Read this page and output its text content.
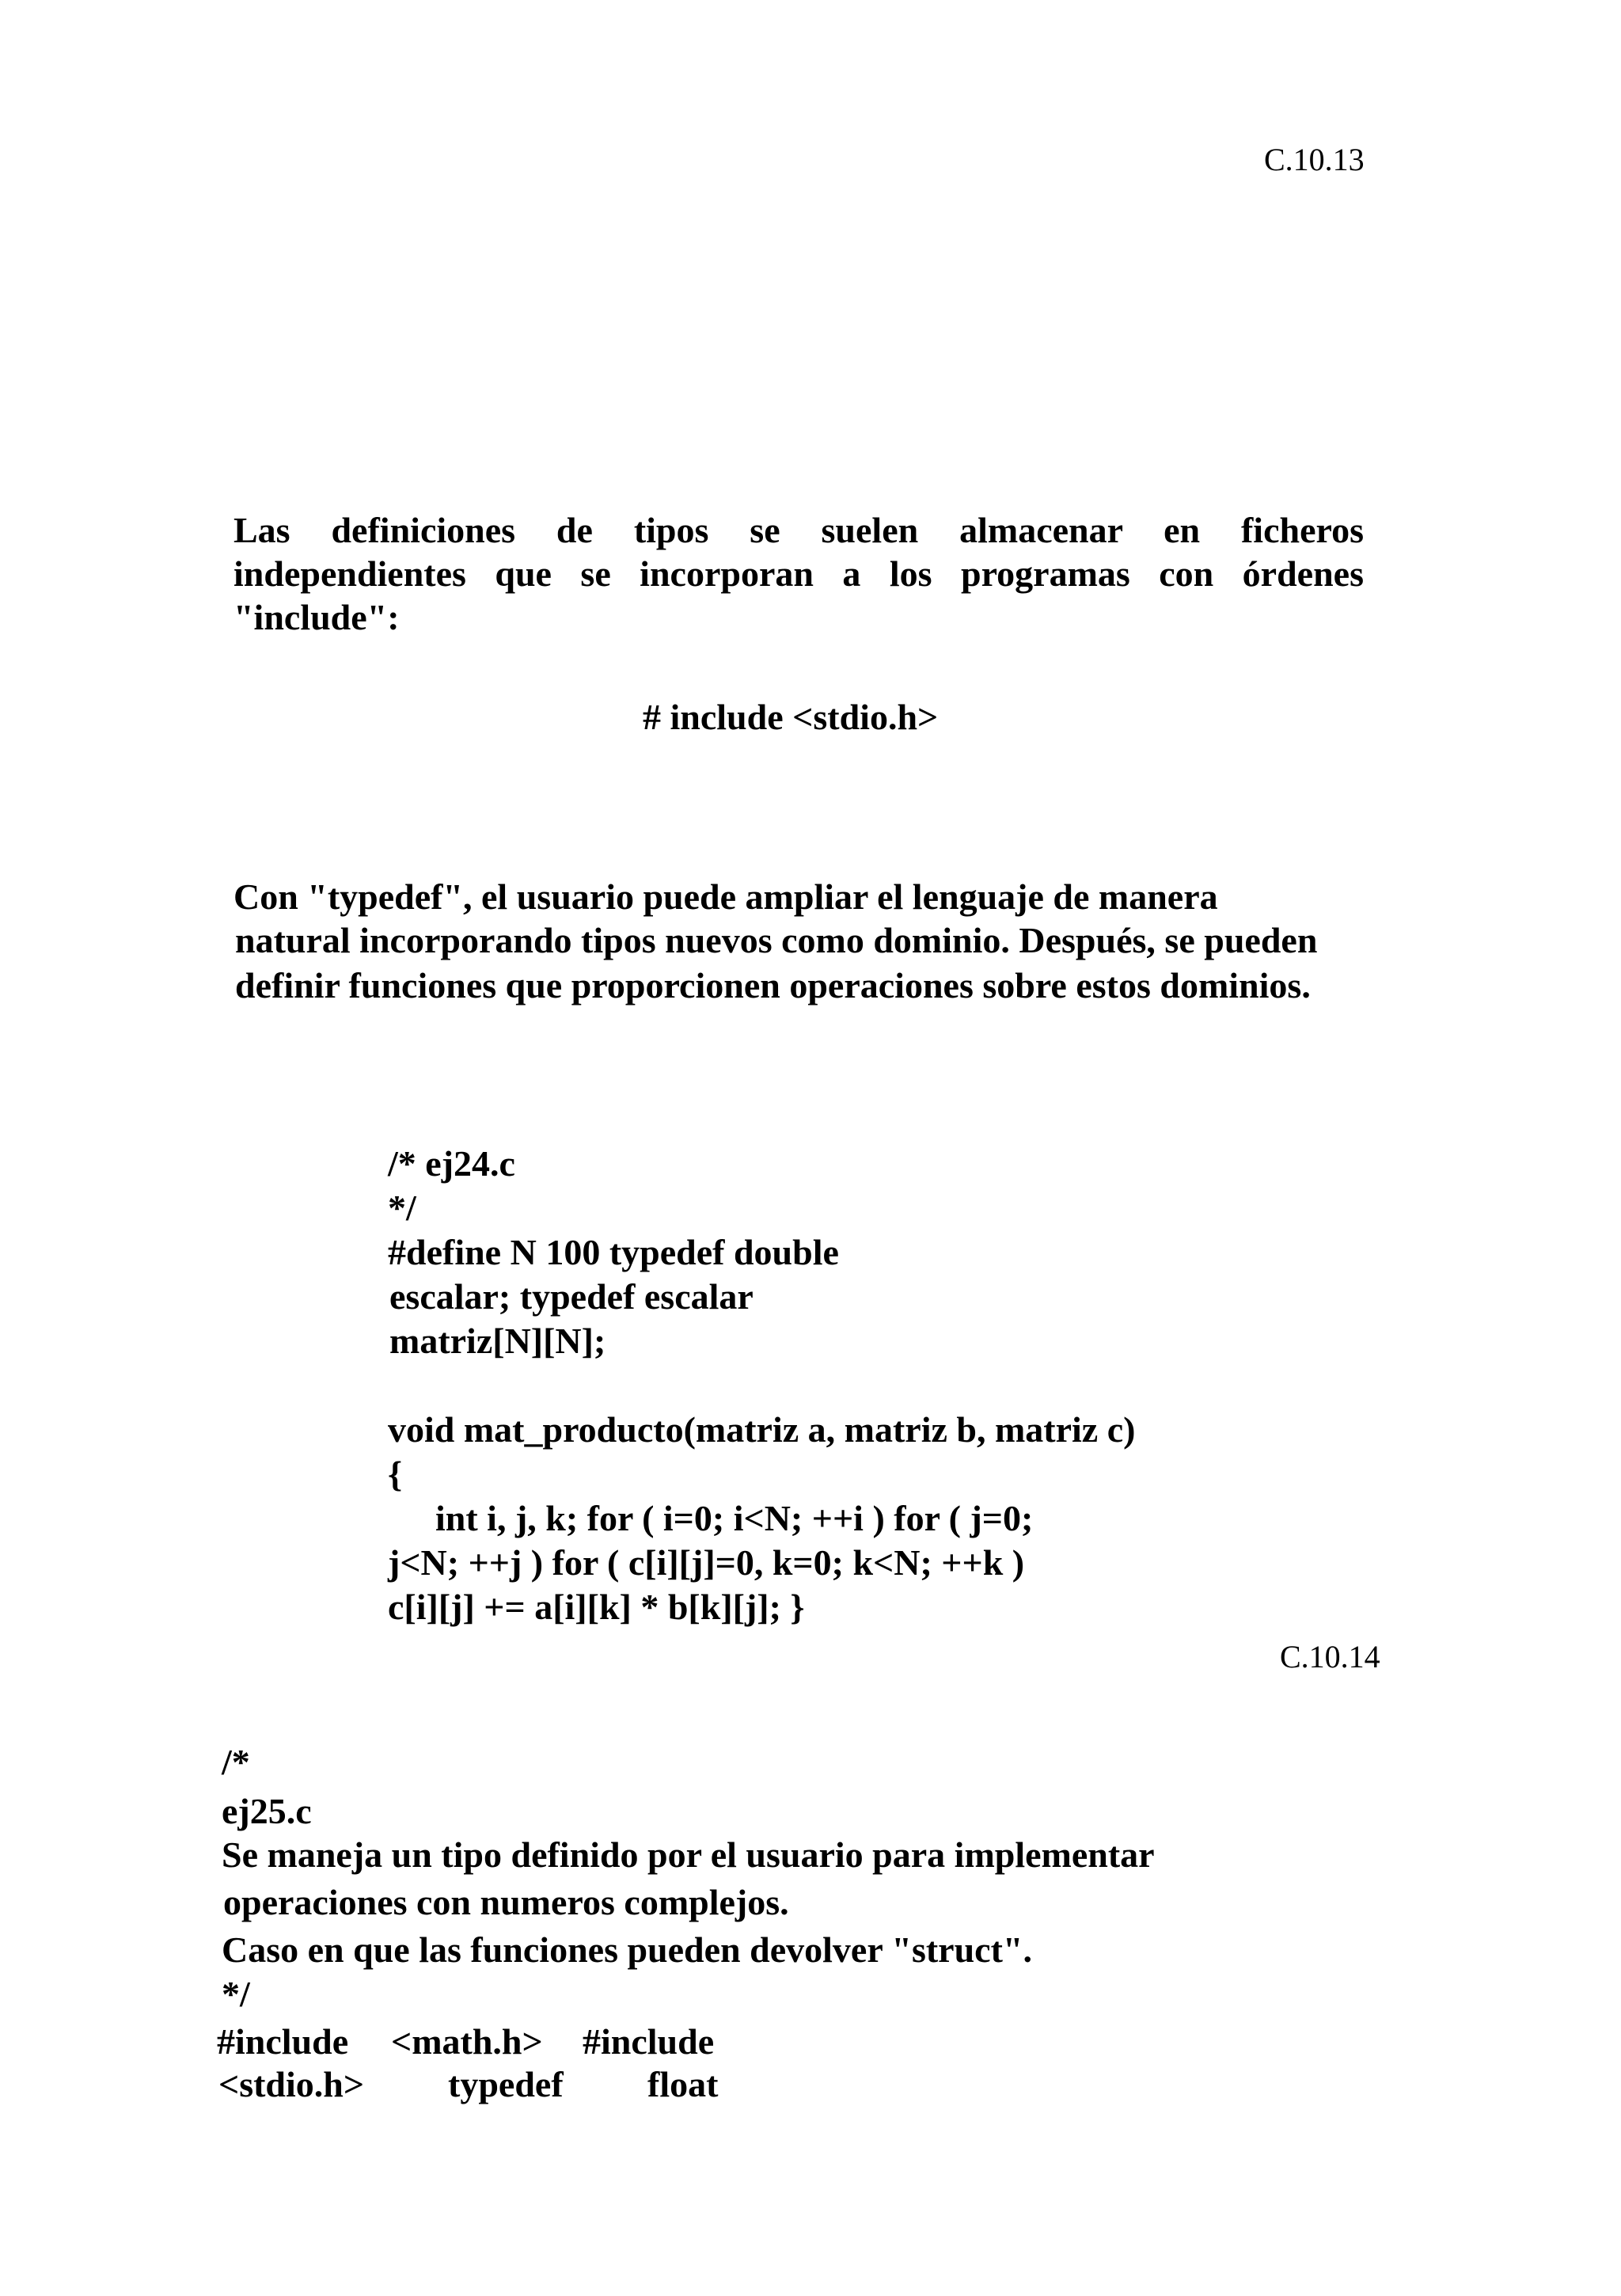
C.10.13
Las definiciones de tipos se suelen almacenar en ficheros
independientes que se incorporan a los programas con órdenes
"include":
# include <stdio.h>
Con "typedef", el usuario puede ampliar el lenguaje de manera
natural incorporando tipos nuevos como dominio. Después, se pueden
definir funciones que proporcionen operaciones sobre estos dominios.
/* ej24.c
*/
#define N 100 typedef double
escalar; typedef escalar
matriz[N][N];
void mat_producto(matriz a, matriz b, matriz c)
{
int i, j, k; for ( i=0; i<N; ++i ) for ( j=0;
j<N; ++j ) for ( c[i][j]=0, k=0; k<N; ++k )
c[i][j] += a[i][k] * b[k][j]; }
C.10.14
/*
ej25.c
Se maneja un tipo definido por el usuario para implementar
operaciones con numeros complejos.
Caso en que las funciones pueden devolver "struct".
*/
#include <math.h> #include
<stdio.h> typedef float
